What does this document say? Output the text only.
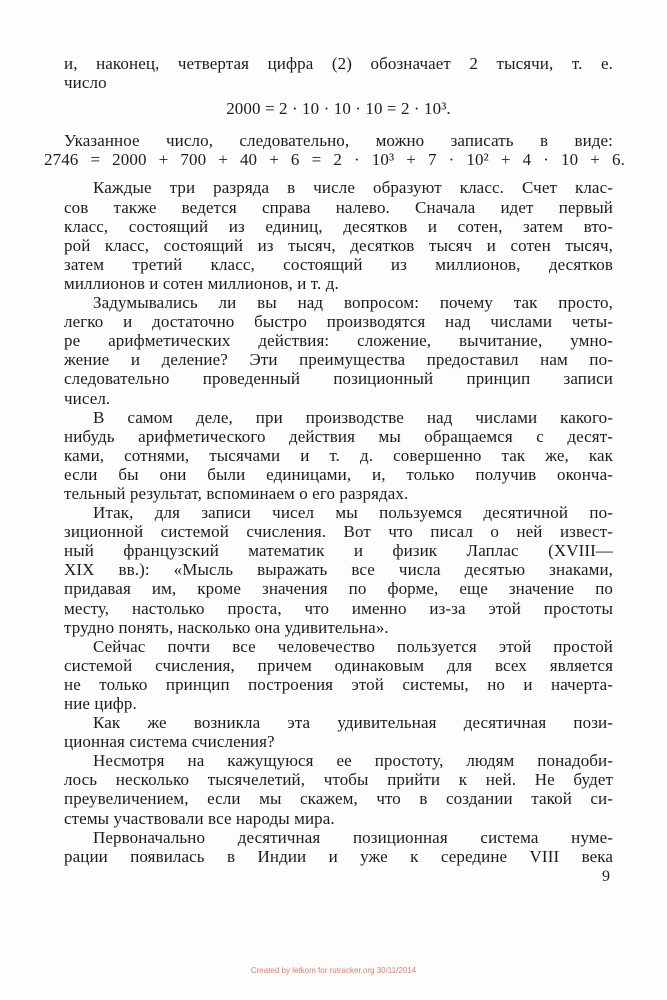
и, наконец, четвертая цифра (2) обозначает 2 тысячи, т. е.
число
2000 = 2 · 10 · 10 · 10 = 2 · 10³.
Указанное число, следовательно, можно записать в виде:
2746 = 2000 + 700 + 40 + 6 = 2 · 10³ + 7 · 10² + 4 · 10 + 6.
Каждые три разряда в числе образуют класс. Счет клас-
сов также ведется справа налево. Сначала идет первый
класс, состоящий из единиц, десятков и сотен, затем вто-
рой класс, состоящий из тысяч, десятков тысяч и сотен тысяч,
затем третий класс, состоящий из миллионов, десятков
миллионов и сотен миллионов, и т. д.
Задумывались ли вы над вопросом: почему так просто,
легко и достаточно быстро производятся над числами четы-
ре арифметических действия: сложение, вычитание, умно-
жение и деление? Эти преимущества предоставил нам по-
следовательно проведенный позиционный принцип записи
чисел.
В самом деле, при производстве над числами какого-
нибудь арифметического действия мы обращаемся с десят-
ками, сотнями, тысячами и т. д. совершенно так же, как
если бы они были единицами, и, только получив оконча-
тельный результат, вспоминаем о его разрядах.
Итак, для записи чисел мы пользуемся десятичной по-
зиционной системой счисления. Вот что писал о ней извест-
ный французский математик и физик Лаплас (XVIII—
XIX вв.): «Мысль выражать все числа десятью знаками,
придавая им, кроме значения по форме, еще значение по
месту, настолько проста, что именно из-за этой простоты
трудно понять, насколько она удивительна».
Сейчас почти все человечество пользуется этой простой
системой счисления, причем одинаковым для всех является
не только принцип построения этой системы, но и начерта-
ние цифр.
Как же возникла эта удивительная десятичная пози-
ционная система счисления?
Несмотря на кажущуюся ее простоту, людям понадоби-
лось несколько тысячелетий, чтобы прийти к ней. Не будет
преувеличением, если мы скажем, что в создании такой си-
стемы участвовали все народы мира.
Первоначально десятичная позиционная система нуме-
рации появилась в Индии и уже к середине VIII века
9
Created by letkom for rutracker.org 30/11/2014
